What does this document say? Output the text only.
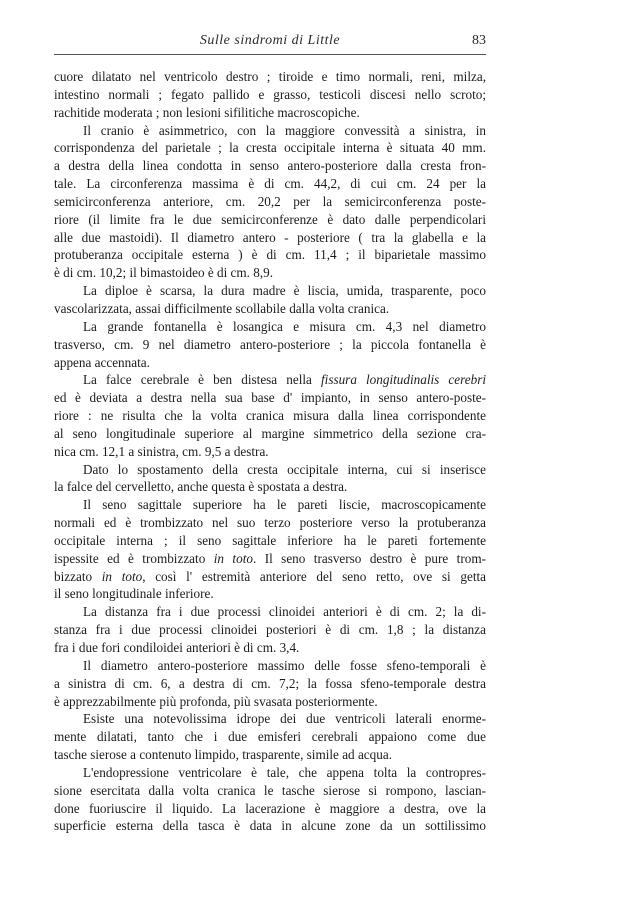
Sulle sindromi di Little	83
cuore dilatato nel ventricolo destro ; tiroide e timo normali, reni, milza,
intestino normali ; fegato pallido e grasso, testicoli discesi nello scroto;
rachitide moderata ; non lesioni sifilitiche macroscopiche.
Il cranio è asimmetrico, con la maggiore convessità a sinistra, in
corrispondenza del parietale ; la cresta occipitale interna è situata 40 mm.
a destra della linea condotta in senso antero-posteriore dalla cresta fron-
tale. La circonferenza massima è di cm. 44,2, di cui cm. 24 per la
semicirconferenza anteriore, cm. 20,2 per la semicirconferenza poste-
riore (il limite fra le due semicirconferenze è dato dalle perpendicolari
alle due mastoidi). Il diametro antero - posteriore ( tra la glabella e la
protuberanza occipitale esterna ) è di cm. 11,4 ; il biparietale massimo
è di cm. 10,2; il bimastoideo è di cm. 8,9.
La diploe è scarsa, la dura madre è liscia, umida, trasparente, poco
vascolarizzata, assai difficilmente scollabile dalla volta cranica.
La grande fontanella è losangica e misura cm. 4,3 nel diametro
trasverso, cm. 9 nel diametro antero-posteriore ; la piccola fontanella è
appena accennata.
La falce cerebrale è ben distesa nella fissura longitudinalis cerebri
ed è deviata a destra nella sua base d' impianto, in senso antero-poste-
riore : ne risulta che la volta cranica misura dalla linea corrispondente
al seno longitudinale superiore al margine simmetrico della sezione cra-
nica cm. 12,1 a sinistra, cm. 9,5 a destra.
Dato lo spostamento della cresta occipitale interna, cui si inserisce
la falce del cervelletto, anche questa è spostata a destra.
Il seno sagittale superiore ha le pareti liscie, macroscopicamente
normali ed è trombizzato nel suo terzo posteriore verso la protuberanza
occipitale interna ; il seno sagittale inferiore ha le pareti fortemente
ispessite ed è trombizzato in toto. Il seno trasverso destro è pure trom-
bizzato in toto, così l' estremità anteriore del seno retto, ove si getta
il seno longitudinale inferiore.
La distanza fra i due processi clinoidei anteriori è di cm. 2; la di-
stanza fra i due processi clinoidei posteriori è di cm. 1,8 ; la distanza
fra i due fori condiloidei anteriori è di cm. 3,4.
Il diametro antero-posteriore massimo delle fosse sfeno-temporali è
a sinistra di cm. 6, a destra di cm. 7,2; la fossa sfeno-temporale destra
è apprezzabilmente più profonda, più svasata posteriormente.
Esiste una notevolissima idrope dei due ventricoli laterali enorme-
mente dilatati, tanto che i due emisferi cerebrali appaiono come due
tasche sierose a contenuto limpido, trasparente, simile ad acqua.
L'endopressione ventricolare è tale, che appena tolta la contropres-
sione esercitata dalla volta cranica le tasche sierose si rompono, lascian-
done fuoriuscire il liquido. La lacerazione è maggiore a destra, ove la
superficie esterna della tasca è data in alcune zone da un sottilissimo
